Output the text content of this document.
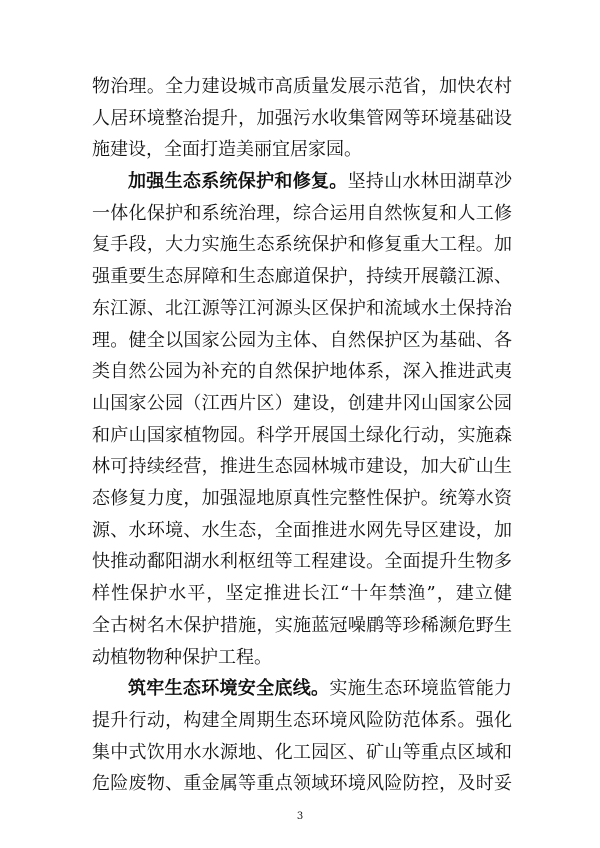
物治理。全力建设城市高质量发展示范省，加快农村
人居环境整治提升，加强污水收集管网等环境基础设
施建设，全面打造美丽宜居家园。
加强生态系统保护和修复。坚持山水林田湖草沙
一体化保护和系统治理，综合运用自然恢复和人工修
复手段，大力实施生态系统保护和修复重大工程。加
强重要生态屏障和生态廊道保护，持续开展赣江源、
东江源、北江源等江河源头区保护和流域水土保持治
理。健全以国家公园为主体、自然保护区为基础、各
类自然公园为补充的自然保护地体系，深入推进武夷
山国家公园（江西片区）建设，创建井冈山国家公园
和庐山国家植物园。科学开展国土绿化行动，实施森
林可持续经营，推进生态园林城市建设，加大矿山生
态修复力度，加强湿地原真性完整性保护。统筹水资
源、水环境、水生态，全面推进水网先导区建设，加
快推动鄱阳湖水利枢纽等工程建设。全面提升生物多
样性保护水平，坚定推进长江“十年禁渔”，建立健
全古树名木保护措施，实施蓝冠噪鹛等珍稀濒危野生
动植物物种保护工程。
筑牢生态环境安全底线。实施生态环境监管能力
提升行动，构建全周期生态环境风险防范体系。强化
集中式饮用水水源地、化工园区、矿山等重点区域和
危险废物、重金属等重点领域环境风险防控，及时妥
3
